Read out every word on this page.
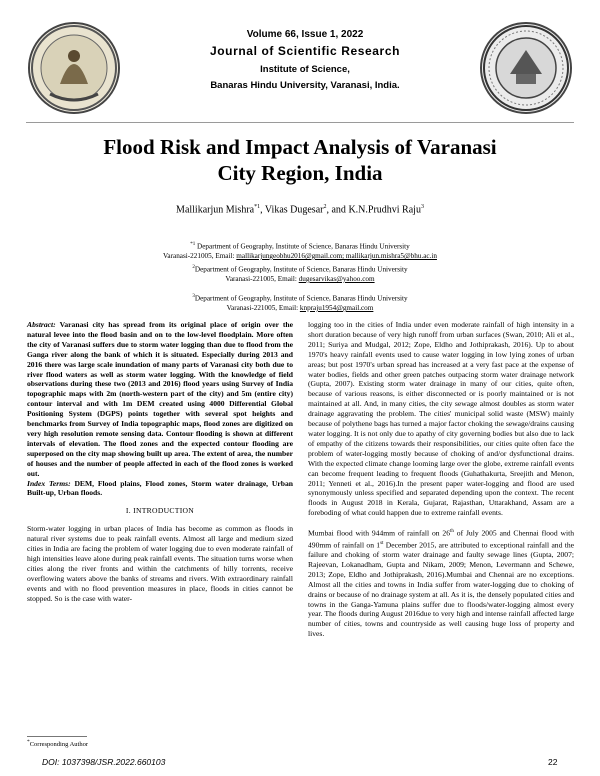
Volume 66, Issue 1, 2022
Journal of Scientific Research
Institute of Science,
Banaras Hindu University, Varanasi, India.
Flood Risk and Impact Analysis of Varanasi
City Region, India
Mallikarjun Mishra$^{*1}$, Vikas Dugesar$^2$, and K.N.Prudhvi Raju$^3$
$^{*1}$ Department of Geography, Institute of Science, Banaras Hindu University
Varanasi-221005, Email: mallikarjungeobhu2016@gmail.com; mallikarjun.mishra5@bhu.ac.in
$^2$Department of Geography, Institute of Science, Banaras Hindu University
Varanasi-221005, Email: dugesarvikas@yahoo.com
$^3$Department of Geography, Institute of Science, Banaras Hindu University
Varanasi-221005, Email: knpraju1954@gmail.com

Abstract: Varanasi city has spread from its original place of origin over the natural levee into the flood basin and on to the low-level floodplain. More often the city of Varanasi suffers due to storm water logging than due to flood from the Ganga river along the bank of which it is situated. Especially during 2013 and 2016 there was large scale inundation of many parts of Varanasi city both due to river flood waters as well as storm water logging. With the knowledge of field observations during these two (2013 and 2016) flood years using Survey of India topographic maps with 2m (north-western part of the city) and 5m (entire city) contour interval and with 1m DEM created using 4000 Differential Global Positioning System (DGPS) points together with several spot heights and benchmarks from Survey of India topographic maps, flood zones are digitized on very high resolution remote sensing data. Contour flooding is shown at different intervals of elevation. The flood zones and the expected contour flooding are superposed on the city map showing built up area. The extent of area, the number of houses and the number of people affected in each of the flood zones is worked out.

Index Terms: DEM, Flood plains, Flood zones, Storm water drainage, Urban Built-up, Urban floods.

I. INTRODUCTION

Storm-water logging in urban places of India has become as common as floods in natural river systems due to peak rainfall events. Almost all large and medium sized cities in India are facing the problem of water logging due to even moderate rainfall of high intensities leave alone during peak rainfall events. The situation turns worse when cities along the river fronts and within the catchments of hilly torrents, receive overflowing waters above the banks of streams and rivers. With extraordinary rainfall events and with no flood prevention measures in place, floods in cities cannot be stopped. So is the case with water-

logging too in the cities of India under even moderate rainfall of high intensity in a short duration because of very high runoff from urban surfaces (Swan, 2010; Ali et al., 2011; Suriya and Mudgal, 2012; Zope, Eldho and Jothiprakash, 2016). Up to about 1970's heavy rainfall events used to cause water logging in low lying zones of urban areas; but post 1970's urban spread has increased at a very fast pace at the expense of water bodies, fields and other green patches outpacing storm water drainage network (Gupta, 2007). Existing storm water drainage in many of our cities, quite often, because of various reasons, is either disconnected or is poorly maintained or is not maintained at all. And, in many cities, the city sewage almost doubles as storm water drainage aggravating the problem. The cities' municipal solid waste (MSW) mainly because of polythene bags has turned a major factor choking the sewage/drains causing water logging. It is not only due to apathy of city governing bodies but also due to lack of empathy of the citizens towards their responsibilities, our cities quite often face the problem of water-logging mostly because of choking of and/or dysfunctional drains. With the expected climate change looming large over the globe, extreme rainfall events can become frequent leading to frequent floods (Guhathakurta, Sreejith and Menon, 2011; Yenneti et al., 2016).In the present paper water-logging and flood are used synonymously unless specified and separated depending upon the context. The recent floods in August 2018 in Kerala, Gujarat, Rajasthan, Uttarakhand, Assam are a foreboding of what could happen due to extreme rainfall events.

Mumbai flood with 944mm of rainfall on 26th of July 2005 and Chennai flood with 490mm of rainfall on 1st December 2015, are attributed to exceptional rainfall and the failure and choking of storm water drainage and faulty sewage lines (Gupta, 2007; Rajeevan, Lokanadham, Gupta and Nikam, 2009; Menon, Levermann and Schewe, 2013; Zope, Eldho and Jothiprakash, 2016).Mumbai and Chennai are no exceptions. Almost all the cities and towns in India suffer from water-logging due to choking of drains or because of no drainage system at all. As it is, the densely populated cities and towns in the Ganga-Yamuna plains suffer due to floods/water-logging almost every year. The floods during August 2016due to very high and intense rainfall affected large number of cities, towns and countryside as well causing huge loss of property and lives.

*Corresponding Author
DOI: 1037398/JSR.2022.660103	22
